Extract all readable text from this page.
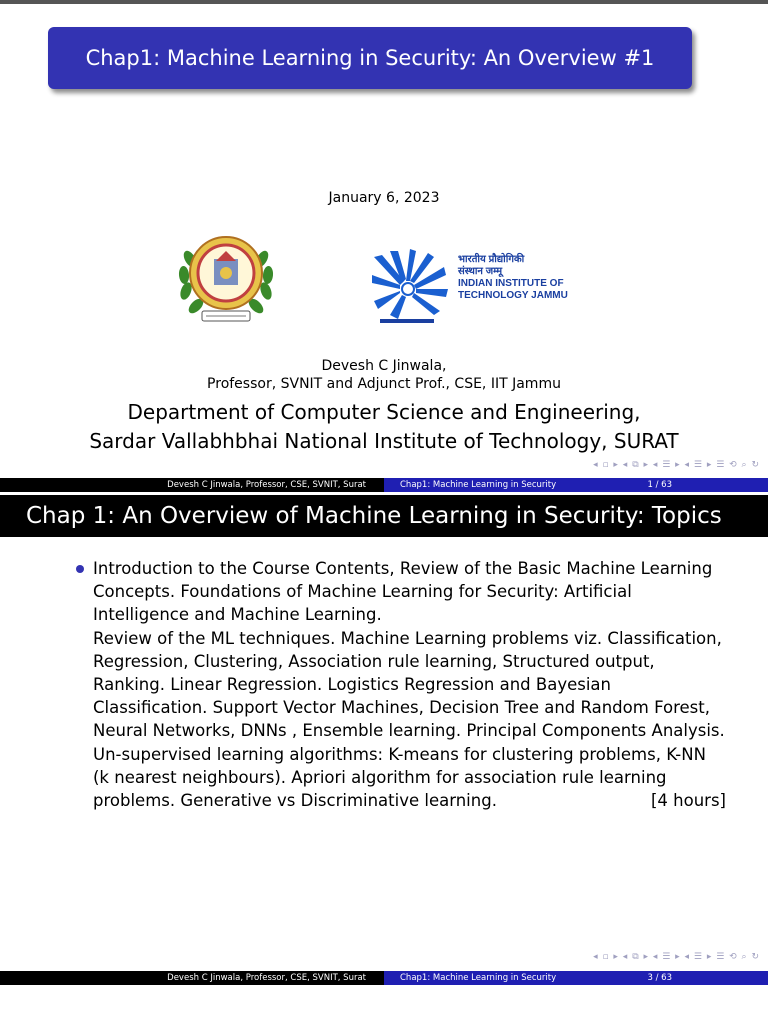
Chap1: Machine Learning in Security: An Overview #1
January 6, 2023
भारतीय प्रौद्योगिकी
संस्थान जम्मू
INDIAN INSTITUTE OF
TECHNOLOGY JAMMU
Devesh C Jinwala,
Professor, SVNIT and Adjunct Prof., CSE, IIT Jammu
Department of Computer Science and Engineering,
Sardar Vallabhbhai National Institute of Technology, SURAT
◂ ▫ ▸ ◂ ⧉ ▸ ◂ ☰ ▸ ◂ ☰ ▸ ☰ ⟲ ⌕ ↻
Devesh C Jinwala, Professor, CSE, SVNIT, Surat	Chap1: Machine Learning in Security	1 / 63
Chap 1: An Overview of Machine Learning in Security: Topics

Introduction to the Course Contents, Review of the Basic Machine Learning Concepts. Foundations of Machine Learning for Security: Artificial Intelligence and Machine Learning.

Review of the ML techniques. Machine Learning problems viz. Classification, Regression, Clustering, Association rule learning, Structured output, Ranking. Linear Regression. Logistics Regression and Bayesian Classification. Support Vector Machines, Decision Tree and Random Forest, Neural Networks, DNNs , Ensemble learning. Principal Components Analysis. Un-supervised learning algorithms: K-means for clustering problems, K-NN (k nearest neighbours). Apriori algorithm for association rule learning

problems. Generative vs Discriminative learning.	[4 hours]
◂ ▫ ▸ ◂ ⧉ ▸ ◂ ☰ ▸ ◂ ☰ ▸ ☰ ⟲ ⌕ ↻
Devesh C Jinwala, Professor, CSE, SVNIT, Surat	Chap1: Machine Learning in Security	3 / 63
